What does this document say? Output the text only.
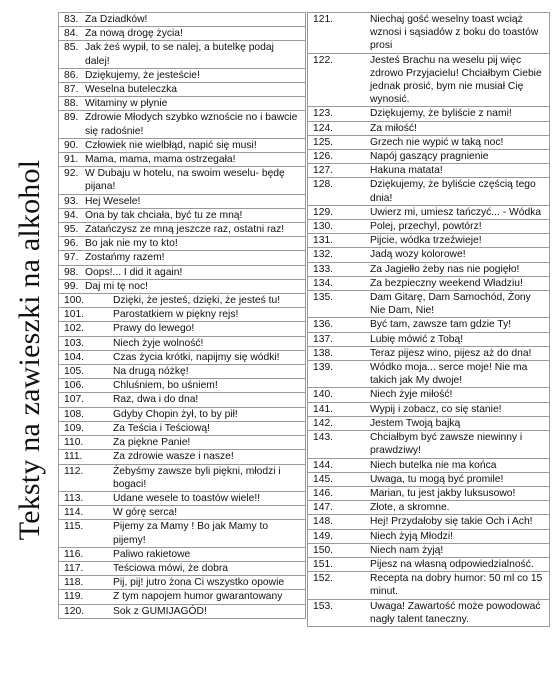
Teksty na zawieszki na alkohol
83. Za Dziadków!

84. Za nową drogę życia!

85. Jak żeś wypił, to se nalej, a butelkę podaj dalej!

86. Dziękujemy, że jesteście!

87. Weselna buteleczka

88. Witaminy w płynie

89. Zdrowie Młodych szybko wznoście no i bawcie się radośnie!

90. Człowiek nie wielbłąd, napić się musi!

91. Mama, mama, mama ostrzegała!

92. W Dubaju w hotelu, na swoim weselu- będę pijana!

93. Hej Wesele!

94. Ona by tak chciała, być tu ze mną!

95. Zatańczysz ze mną jeszcze raz, ostatni raz!

96. Bo jak nie my to kto!

97. Zostańmy razem!

98. Oops!... I did it again!

99. Daj mi tę noc!

100.	Dzięki, że jesteś, dzięki, że jesteś tu!

101.	Parostatkiem w piękny rejs!

102.	Prawy do lewego!

103.	Niech żyje wolność!

104.	Czas życia krótki, napijmy się wódki!

105.	Na drugą nóżkę!

106.	Chluśniem, bo uśniem!

107.	Raz, dwa i do dna!

108.	Gdyby Chopin żył, to by pił!

109.	Za Teścia i Teściową!

110.	Za piękne Panie!

111.	Za zdrowie wasze i nasze!

112.	Żebyśmy zawsze byli piękni, młodzi i bogaci!

113.	Udane wesele to toastów wiele!!

114.	W górę serca!

115.	Pijemy za Mamy ! Bo jak Mamy to pijemy!

116.	Paliwo rakietowe

117.	Teściowa mówi, że dobra

118.	Pij, pij! jutro żona Ci wszystko opowie

119.	Z tym napojem humor gwarantowany

120.	Sok z GUMIJAGÓD!
121.	Niechaj gość weselny toast wciąż wznosi i sąsiadów z boku do toastów prosi

122.	Jesteś Brachu na weselu pij więc zdrowo Przyjacielu! Chciałbym Ciebie jednak prosić, bym nie musiał Cię wynosić.

123.	Dziękujemy, że byliście z nami!

124.	Za miłość!

125.	Grzech nie wypić w taką noc!

126.	Napój gaszący pragnienie

127.	Hakuna matata!

128.	Dziękujemy, że byliście częścią tego dnia!

129.	Uwierz mi, umiesz tańczyć... - Wódka

130.	Polej, przechyl, powtórz!

131.	Pijcie, wódka trzeźwieje!

132.	Jadą wozy kolorowe!

133.	Za Jagiełło żeby nas nie pogięło!

134.	Za bezpieczny weekend Władziu!

135.	Dam Gitarę, Dam Samochód, Żony Nie Dam, Nie!

136.	Być tam, zawsze tam gdzie Ty!

137.	Lubię mówić z Tobą!

138.	Teraz pijesz wino, pijesz aż do dna!

139.	Wódko moja... serce moje! Nie ma takich jak My dwoje!

140.	Niech żyje miłość!

141.	Wypij i zobacz, co się stanie!

142.	Jestem Twoją bajką

143.	Chciałbym być zawsze niewinny i prawdziwy!

144.	Niech butelka nie ma końca

145.	Uwaga, tu mogą być promile!

146.	Marian, tu jest jakby luksusowo!

147.	Złote, a skromne.

148.	Hej! Przydałoby się takie Och i Ach!

149.	Niech żyją Młodzi!

150.	Niech nam żyją!

151.	Pijesz na własną odpowiedzialność.

152.	Recepta na dobry humor: 50 ml co 15 minut.

153.	Uwaga! Zawartość może powodować nagły talent taneczny.
